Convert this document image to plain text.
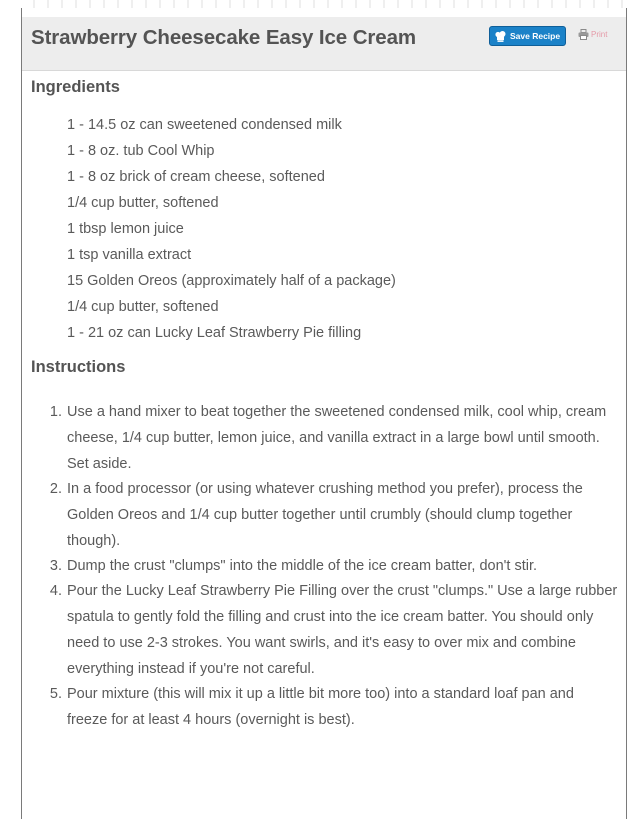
Strawberry Cheesecake Easy Ice Cream	Save Recipe	Print
Ingredients
1 - 14.5 oz can sweetened condensed milk
1 - 8 oz. tub Cool Whip
1 - 8 oz brick of cream cheese, softened
1/4 cup butter, softened
1 tbsp lemon juice
1 tsp vanilla extract
15 Golden Oreos (approximately half of a package)
1/4 cup butter, softened
1 - 21 oz can Lucky Leaf Strawberry Pie filling
Instructions
1. Use a hand mixer to beat together the sweetened condensed milk, cool whip, cream cheese, 1/4 cup butter, lemon juice, and vanilla extract in a large bowl until smooth. Set aside.
2. In a food processor (or using whatever crushing method you prefer), process the Golden Oreos and 1/4 cup butter together until crumbly (should clump together though).
3. Dump the crust "clumps" into the middle of the ice cream batter, don't stir.
4. Pour the Lucky Leaf Strawberry Pie Filling over the crust "clumps." Use a large rubber spatula to gently fold the filling and crust into the ice cream batter. You should only need to use 2-3 strokes. You want swirls, and it's easy to over mix and combine everything instead if you're not careful.
5. Pour mixture (this will mix it up a little bit more too) into a standard loaf pan and freeze for at least 4 hours (overnight is best).
